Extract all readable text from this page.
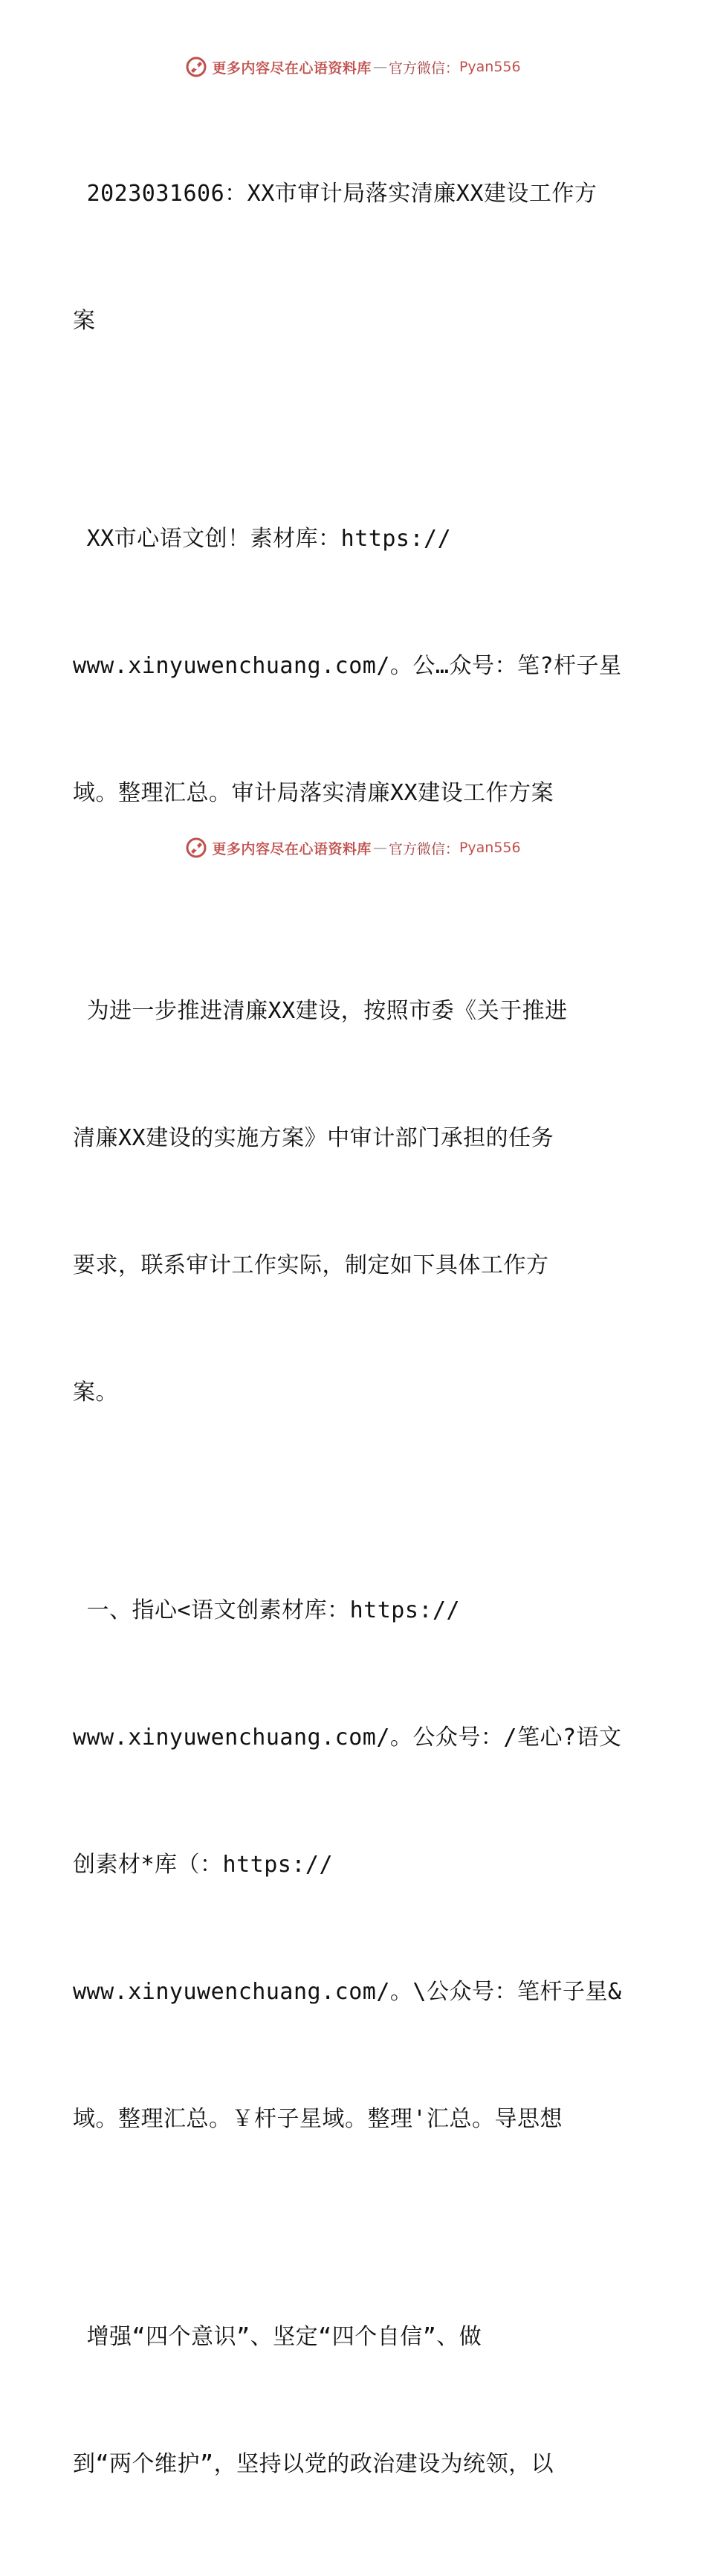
更多内容尽在心语资料库 — 官方微信： Pyan556

2023031606：XX市审计局落实清廉XX建设工作方

案

XX市心语文创！素材库：https://

www.xinyuwenchuang.com/。公…众号：笔?杆子星

域。整理汇总。审计局落实清廉XX建设工作方案

为进一步推进清廉XX建设，按照市委《关于推进

清廉XX建设的实施方案》中审计部门承担的任务

要求，联系审计工作实际，制定如下具体工作方

案。

一、指心<语文创素材库：https://

www.xinyuwenchuang.com/。公众号：/笔心?语文

创素材*库（：https://

www.xinyuwenchuang.com/。\公众号：笔杆子星&

域。整理汇总。￥杆子星域。整理'汇总。导思想

增强“四个意识”、坚定“四个自信”、做

到“两个维护”，坚持以党的政治建设为统领，以

更多内容尽在心语资料库 — 官方微信： Pyan556
